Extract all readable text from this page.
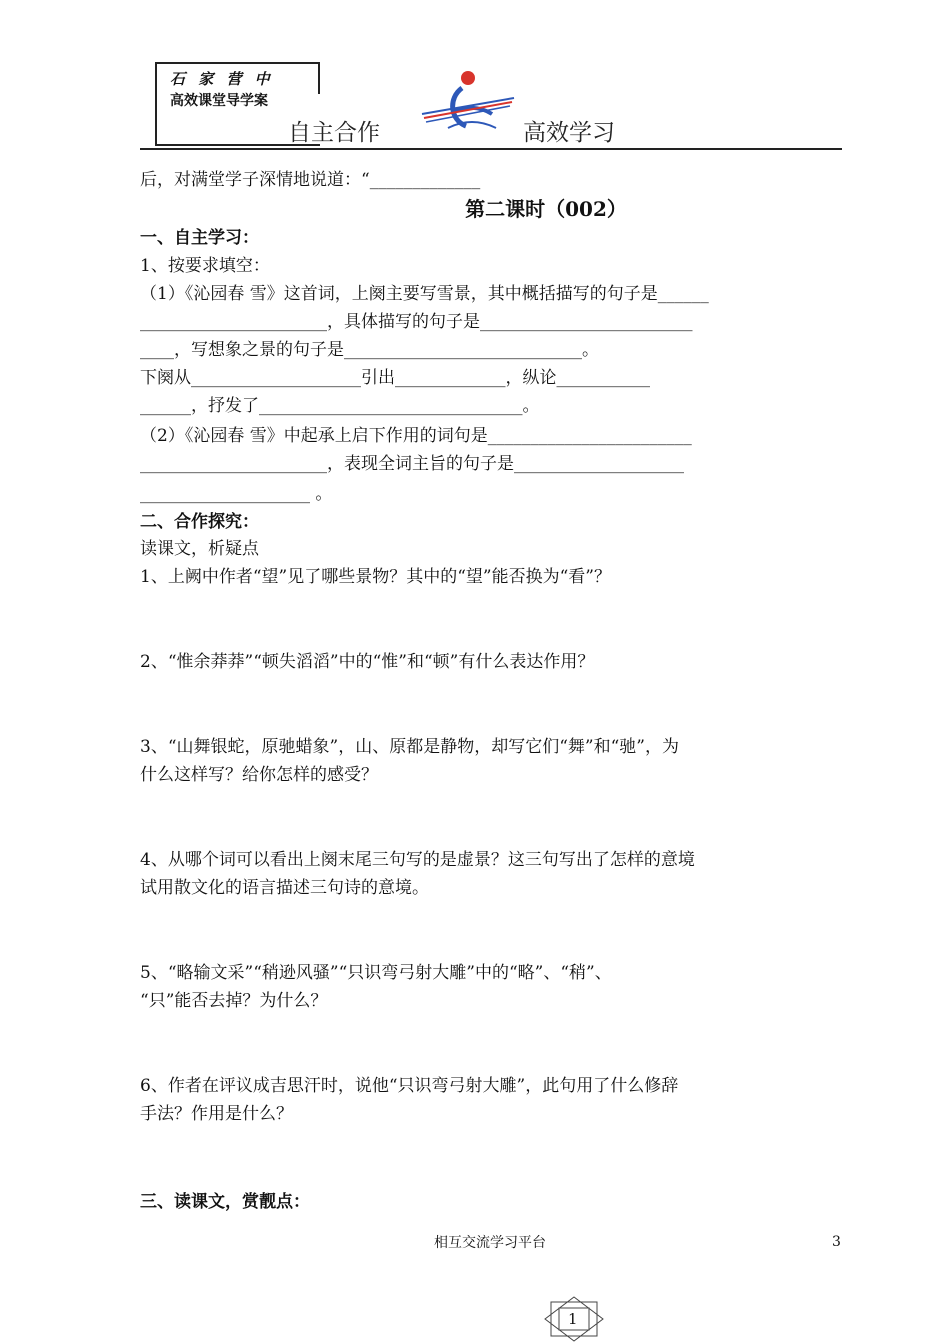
石 家 营 中
高效课堂导学案
自主合作	高效学习
后，对满堂学子深情地说道：“_____________
第二课时（002）
一、自主学习：
1、按要求填空：
（1）《沁园春 雪》这首词，上阕主要写雪景，其中概括描写的句子是______
______________________，具体描写的句子是_________________________
____，写想象之景的句子是____________________________。
下阕从____________________引出_____________，纵论___________
______，抒发了_______________________________。
（2）《沁园春 雪》中起承上启下作用的词句是________________________
______________________，表现全词主旨的句子是____________________
____________________ 。
二、合作探究：
读课文，析疑点
1、上阙中作者“望”见了哪些景物？其中的“望”能否换为“看”？
2、“惟余莽莽”“顿失滔滔”中的“惟”和“顿”有什么表达作用？
3、“山舞银蛇，原驰蜡象”，山、原都是静物，却写它们“舞”和“驰”，为
什么这样写？给你怎样的感受？
4、从哪个词可以看出上阕末尾三句写的是虚景？这三句写出了怎样的意境
试用散文化的语言描述三句诗的意境。
5、“略输文采”“稍逊风骚”“只识弯弓射大雕”中的“略”、“稍”、
“只”能否去掉？为什么？
6、作者在评议成吉思汗时，说他“只识弯弓射大雕”，此句用了什么修辞
手法？作用是什么？
三、读课文，赏靓点：
相互交流学习平台	3
1
